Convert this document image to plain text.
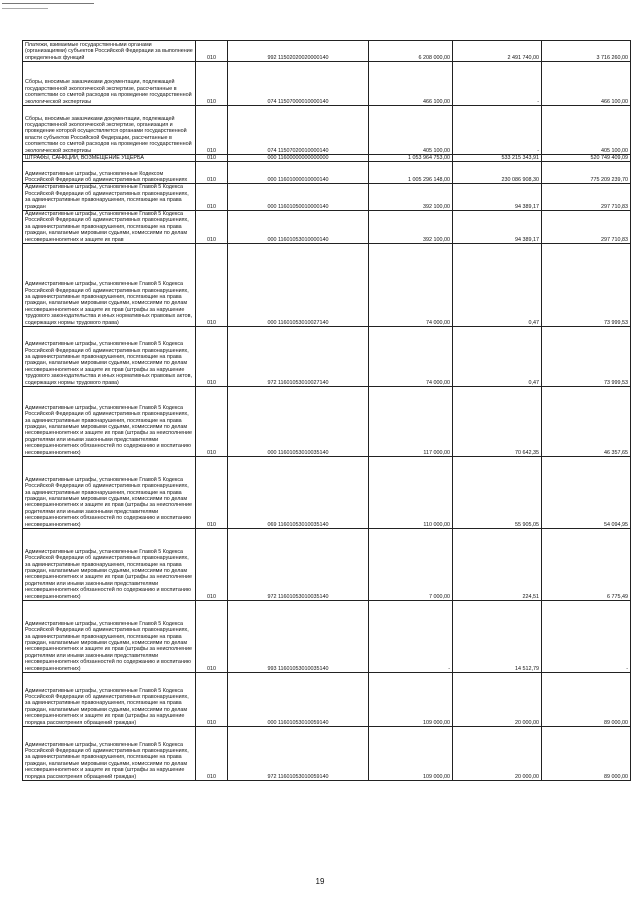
Платежи, взимаемые государственными органами (организациями) субъектов Российской Федерации за выполнение определенных функций	010	992 11502020020000140	6 208 000,00	2 491 740,00	3 716 260,00
Сборы, вносимые заказчиками документации, подлежащей государственной экологической экспертизе, рассчитанные в соответствии со сметой расходов на проведение государственной экологической экспертизы	010	074 11507000010000140	466 100,00	-	466 100,00
Сборы, вносимые заказчиками документации, подлежащей государственной экологической экспертизе, организация и проведение которой осуществляется органами государственной власти субъектов Российской Федерации, рассчитанные в соответствии со сметой расходов на проведение государственной экологической экспертизы	010	074 11507020010000140	405 100,00	-	405 100,00
ШТРАФЫ, САНКЦИИ, ВОЗМЕЩЕНИЕ УЩЕРБА	010	000 11600000000000000	1 053 964 753,00	533 215 343,91	520 749 409,09
Административные штрафы, установленные Кодексом Российской Федерации об административных правонарушениях	010	000 11601000010000140	1 005 296 148,00	230 086 908,30	775 209 239,70
Административные штрафы, установленные Главой 5 Кодекса Российской Федерации об административных правонарушениях, за административные правонарушения, посягающие на права граждан	010	000 11601050010000140	392 100,00	94 389,17	297 710,83
Административные штрафы, установленные Главой 5 Кодекса Российской Федерации об административных правонарушениях, за административные правонарушения, посягающие на права граждан, налагаемые мировыми судьями, комиссиями по делам несовершеннолетних и защите их прав	010	000 11601053010000140	392 100,00	94 389,17	297 710,83
Административные штрафы, установленные Главой 5 Кодекса Российской Федерации об административных правонарушениях, за административные правонарушения, посягающие на права граждан, налагаемые мировыми судьями, комиссиями по делам несовершеннолетних и защите их прав (штрафы за нарушение трудового законодательства и иных нормативных правовых актов, содержащих нормы трудового права)	010	000 11601053010027140	74 000,00	0,47	73 999,53
Административные штрафы, установленные Главой 5 Кодекса Российской Федерации об административных правонарушениях, за административные правонарушения, посягающие на права граждан, налагаемые мировыми судьями, комиссиями по делам несовершеннолетних и защите их прав (штрафы за нарушение трудового законодательства и иных нормативных правовых актов, содержащих нормы трудового права)	010	972 11601053010027140	74 000,00	0,47	73 999,53
Административные штрафы, установленные Главой 5 Кодекса Российской Федерации об административных правонарушениях, за административные правонарушения, посягающие на права граждан, налагаемые мировыми судьями, комиссиями по делам несовершеннолетних и защите их прав (штрафы за неисполнение родителями или иными законными представителями несовершеннолетних обязанностей по содержанию и воспитанию несовершеннолетних)	010	000 11601053010035140	117 000,00	70 642,35	46 357,65
Административные штрафы, установленные Главой 5 Кодекса Российской Федерации об административных правонарушениях, за административные правонарушения, посягающие на права граждан, налагаемые мировыми судьями, комиссиями по делам несовершеннолетних и защите их прав (штрафы за неисполнение родителями или иными законными представителями несовершеннолетних обязанностей по содержанию и воспитанию несовершеннолетних)	010	069 11601053010035140	110 000,00	55 905,05	54 094,95
Административные штрафы, установленные Главой 5 Кодекса Российской Федерации об административных правонарушениях, за административные правонарушения, посягающие на права граждан, налагаемые мировыми судьями, комиссиями по делам несовершеннолетних и защите их прав (штрафы за неисполнение родителями или иными законными представителями несовершеннолетних обязанностей по содержанию и воспитанию несовершеннолетних)	010	972 11601053010035140	7 000,00	224,51	6 775,49
Административные штрафы, установленные Главой 5 Кодекса Российской Федерации об административных правонарушениях, за административные правонарушения, посягающие на права граждан, налагаемые мировыми судьями, комиссиями по делам несовершеннолетних и защите их прав (штрафы за неисполнение родителями или иными законными представителями несовершеннолетних обязанностей по содержанию и воспитанию несовершеннолетних)	010	993 11601053010035140	-	14 512,79	-
Административные штрафы, установленные Главой 5 Кодекса Российской Федерации об административных правонарушениях, за административные правонарушения, посягающие на права граждан, налагаемые мировыми судьями, комиссиями по делам несовершеннолетних и защите их прав (штрафы за нарушение порядка рассмотрения обращений граждан)	010	000 11601053010059140	109 000,00	20 000,00	89 000,00
Административные штрафы, установленные Главой 5 Кодекса Российской Федерации об административных правонарушениях, за административные правонарушения, посягающие на права граждан, налагаемые мировыми судьями, комиссиями по делам несовершеннолетних и защите их прав (штрафы за нарушение порядка рассмотрения обращений граждан)	010	972 11601053010059140	109 000,00	20 000,00	89 000,00
19
